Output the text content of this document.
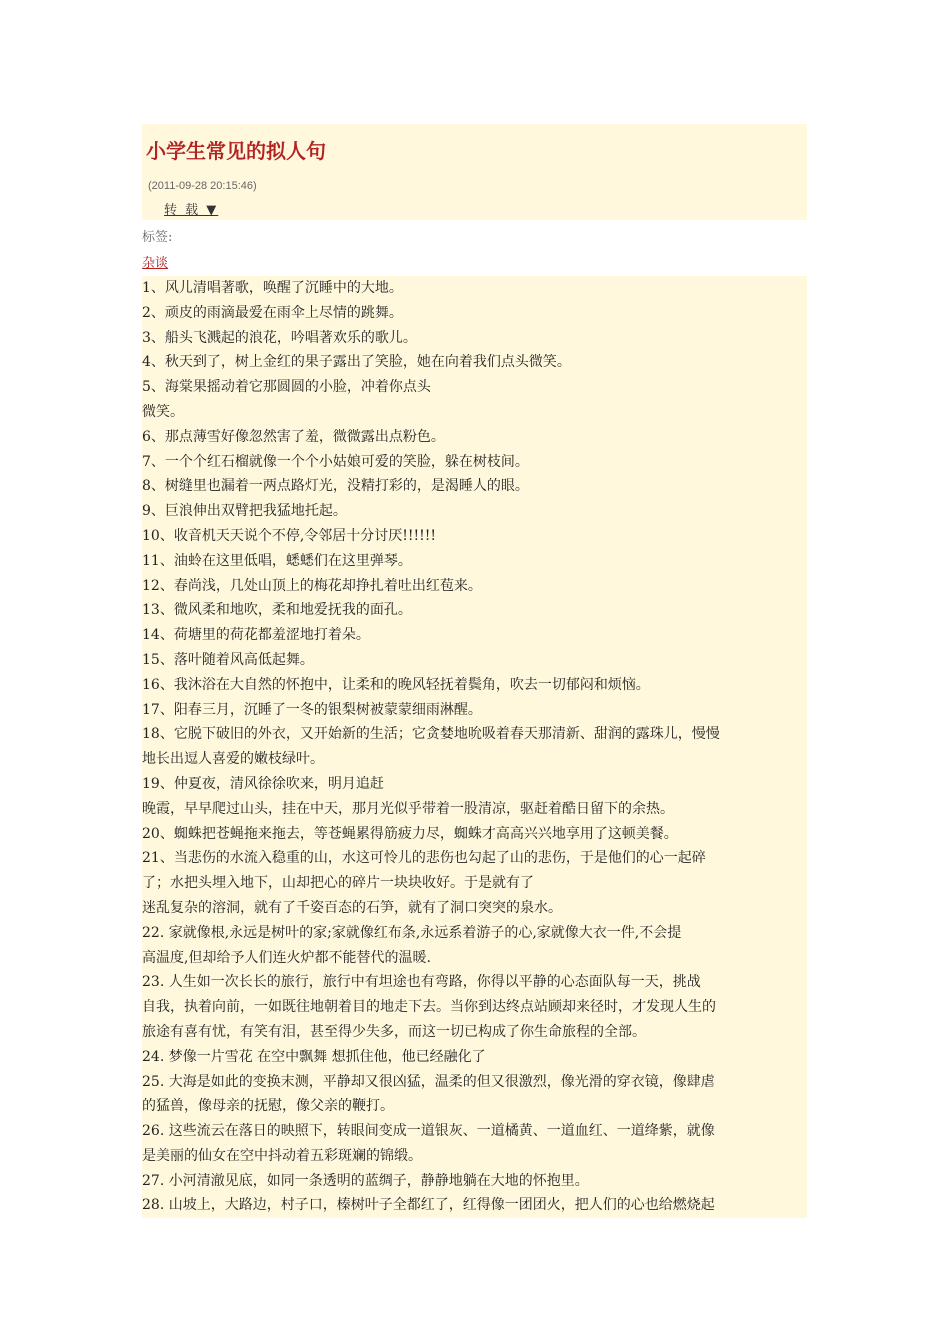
小学生常见的拟人句
(2011-09-28 20:15:46)
转 载 ▼
标签:
杂谈
1、风儿清唱著歌，唤醒了沉睡中的大地。
2、顽皮的雨滴最爱在雨伞上尽情的跳舞。
3、船头飞溅起的浪花，吟唱著欢乐的歌儿。
4、秋天到了，树上金红的果子露出了笑脸，她在向着我们点头微笑。
5、海棠果摇动着它那圆圆的小脸，冲着你点头
微笑。
6、那点薄雪好像忽然害了羞，微微露出点粉色。
7、一个个红石榴就像一个个小姑娘可爱的笑脸，躲在树枝间。
8、树缝里也漏着一两点路灯光，没精打彩的，是渴睡人的眼。
9、巨浪伸出双臂把我猛地托起。
10、收音机天天说个不停,令邻居十分讨厌!!!!!!
11、油蛉在这里低唱，蟋蟋们在这里弹琴。
12、春尚浅，几处山顶上的梅花却挣扎着吐出红苞来。
13、微风柔和地吹，柔和地爱抚我的面孔。
14、荷塘里的荷花都羞涩地打着朵。
15、落叶随着风高低起舞。
16、我沐浴在大自然的怀抱中，让柔和的晚风轻抚着鬓角，吹去一切郁闷和烦恼。
17、阳春三月，沉睡了一冬的银梨树被蒙蒙细雨淋醒。
18、它脱下破旧的外衣，又开始新的生活；它贪婪地吮吸着春天那清新、甜润的露珠儿，慢慢
地长出逗人喜爱的嫩枝绿叶。
19、仲夏夜，清风徐徐吹来，明月追赶
晚霞，早早爬过山头，挂在中天，那月光似乎带着一股清凉，驱赶着酷日留下的余热。
20、蜘蛛把苍蝇拖来拖去，等苍蝇累得筋疲力尽，蜘蛛才高高兴兴地享用了这顿美餐。
21、当悲伤的水流入稳重的山，水这可怜儿的悲伤也勾起了山的悲伤，于是他们的心一起碎
了；水把头埋入地下，山却把心的碎片一块块收好。于是就有了
迷乱复杂的溶洞，就有了千姿百态的石笋，就有了洞口突突的泉水。
22. 家就像根,永远是树叶的家;家就像红布条,永远系着游子的心,家就像大衣一件,不会提
高温度,但却给予人们连火炉都不能替代的温暖.
23. 人生如一次长长的旅行，旅行中有坦途也有弯路，你得以平静的心态面队每一天，挑战
自我，执着向前，一如既往地朝着目的地走下去。当你到达终点站顾却来径时，才发现人生的
旅途有喜有忧，有笑有泪，甚至得少失多，而这一切已构成了你生命旅程的全部。
24. 梦像一片雪花 在空中飘舞 想抓住他，他已经融化了
25. 大海是如此的变换末测，平静却又很凶猛，温柔的但又很激烈，像光滑的穿衣镜，像肆虐
的猛兽，像母亲的抚慰，像父亲的鞭打。
26. 这些流云在落日的映照下，转眼间变成一道银灰、一道橘黄、一道血红、一道绛紫，就像
是美丽的仙女在空中抖动着五彩斑斓的锦缎。
27. 小河清澈见底，如同一条透明的蓝绸子，静静地躺在大地的怀抱里。
28. 山坡上，大路边，村子口，榛树叶子全都红了，红得像一团团火，把人们的心也给燃烧起
